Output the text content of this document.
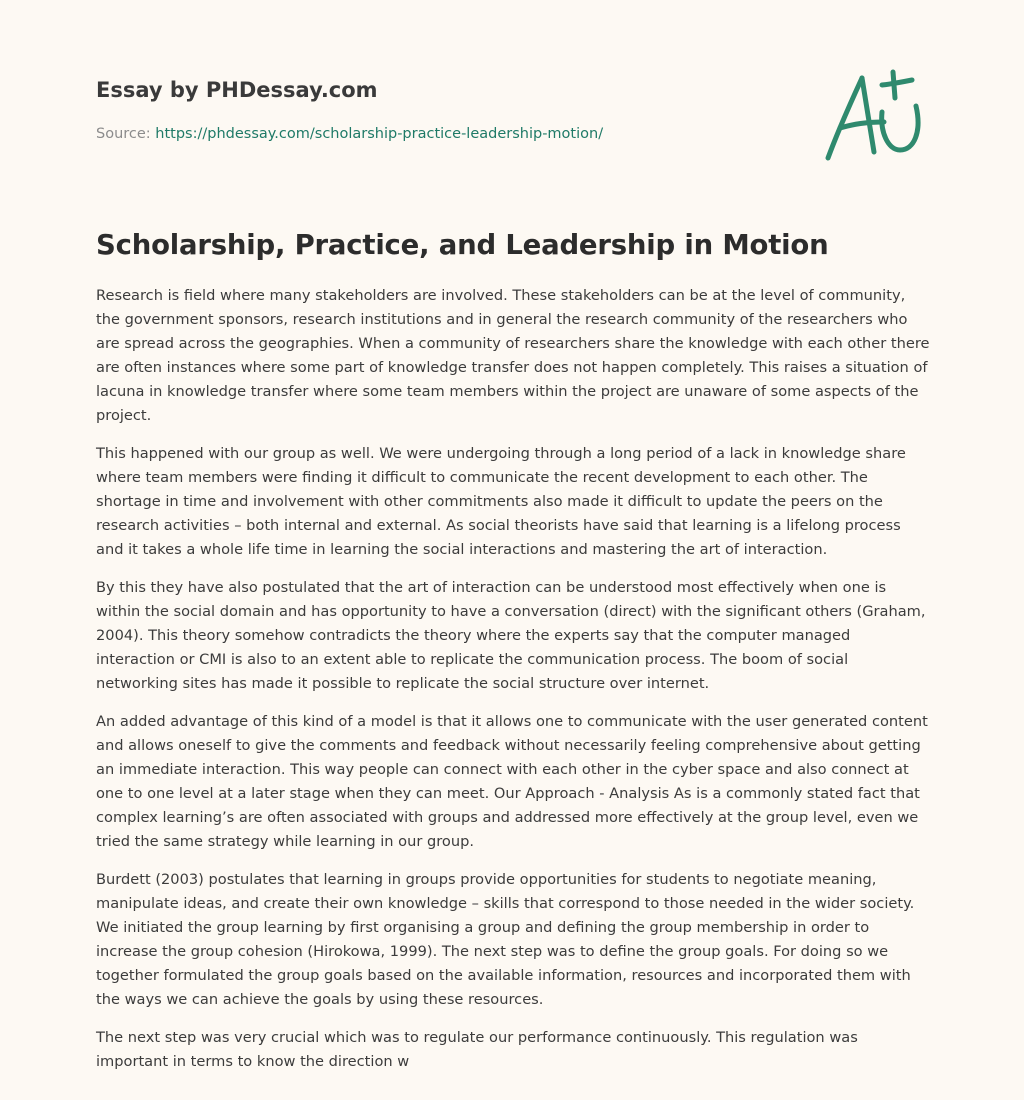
Essay by PHDessay.com
Source: https://phdessay.com/scholarship-practice-leadership-motion/
Scholarship, Practice, and Leadership in Motion

Research is field where many stakeholders are involved. These stakeholders can be at the level of community, the government sponsors, research institutions and in general the research community of the researchers who are spread across the geographies. When a community of researchers share the knowledge with each other there are often instances where some part of knowledge transfer does not happen completely. This raises a situation of lacuna in knowledge transfer where some team members within the project are unaware of some aspects of the project.

This happened with our group as well. We were undergoing through a long period of a lack in knowledge share where team members were finding it difficult to communicate the recent development to each other. The shortage in time and involvement with other commitments also made it difficult to update the peers on the research activities – both internal and external. As social theorists have said that learning is a lifelong process and it takes a whole life time in learning the social interactions and mastering the art of interaction.

By this they have also postulated that the art of interaction can be understood most effectively when one is within the social domain and has opportunity to have a conversation (direct) with the significant others (Graham, 2004). This theory somehow contradicts the theory where the experts say that the computer managed interaction or CMI is also to an extent able to replicate the communication process. The boom of social networking sites has made it possible to replicate the social structure over internet.

An added advantage of this kind of a model is that it allows one to communicate with the user generated content and allows oneself to give the comments and feedback without necessarily feeling comprehensive about getting an immediate interaction. This way people can connect with each other in the cyber space and also connect at one to one level at a later stage when they can meet. Our Approach - Analysis As is a commonly stated fact that complex learning’s are often associated with groups and addressed more effectively at the group level, even we tried the same strategy while learning in our group.

Burdett (2003) postulates that learning in groups provide opportunities for students to negotiate meaning, manipulate ideas, and create their own knowledge – skills that correspond to those needed in the wider society. We initiated the group learning by first organising a group and defining the group membership in order to increase the group cohesion (Hirokowa, 1999). The next step was to define the group goals. For doing so we together formulated the group goals based on the available information, resources and incorporated them with the ways we can achieve the goals by using these resources.

The next step was very crucial which was to regulate our performance continuously. This regulation was important in terms to know the direction w
